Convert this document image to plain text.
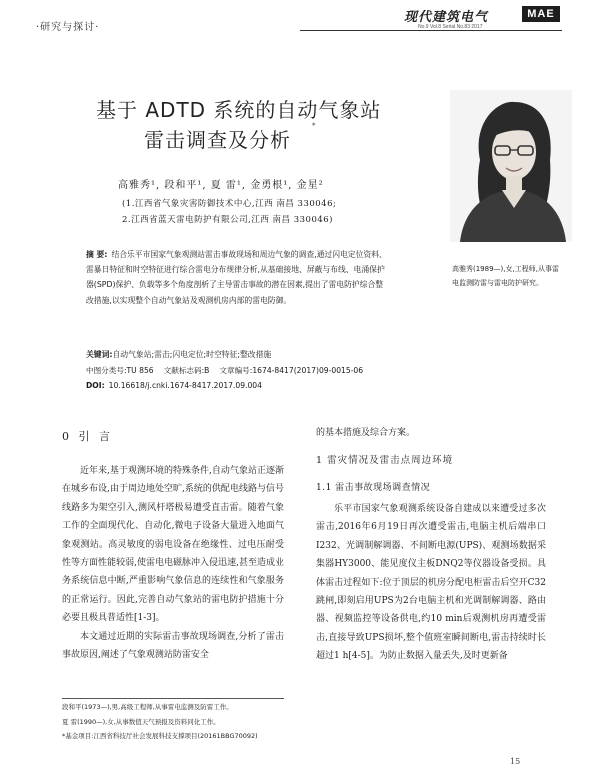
·研究与探讨·
现代建筑电气	MAE
No.9 Vol.8 Serial No.83 2017
基于 ADTD 系统的自动气象站
雷击调查及分析
*
高雅秀¹, 段和平¹, 夏 雷¹, 金勇根¹, 金星²
(1.江西省气象灾害防御技术中心,江西 南昌 330046;
2.江西省蓝天雷电防护有限公司,江西 南昌 330046)
高雅秀(1989—),女,工程师,从事雷电监测防雷与雷电防护研究。
摘 要: 结合乐平市国家气象观测站雷击事故现场和周边气象的调查,通过闪电定位资料、雷暴日特征和时空特征进行综合雷电分布规律分析,从基础接地、屏蔽与布线、电涌保护器(SPD)保护、负载等多个角度剖析了主导雷击事故的潜在因素,提出了雷电防护综合整改措施,以实现整个自动气象站及观测机房内部的雷电防御。
关键词:自动气象站;雷击;闪电定位;时空特征;整改措施
中图分类号:TU 856 文献标志码:B 文章编号:1674-8417(2017)09-0015-06
DOI: 10.16618/j.cnki.1674-8417.2017.09.004
0 引 言

近年来,基于观测环境的特殊条件,自动气象站正逐渐在城乡布设,由于周边地处空旷,系统的供配电线路与信号线路多为架空引入,测风杆塔极易遭受直击雷。随着气象工作的全面现代化、自动化,微电子设备大量进入地面气象观测站。高灵敏度的弱电设备在绝缘性、过电压耐受性等方面性能较弱,使雷电电磁脉冲入侵迅速,甚至造成业务系统信息中断,严重影响气象信息的连续性和气象服务的正常运行。因此,完善自动气象站的雷电防护措施十分必要且极具普适性[1-3]。

本文通过近期的实际雷击事故现场调查,分析了雷击事故原因,阐述了气象观测站防雷安全

的基本措施及综合方案。

1 雷灾情况及雷击点周边环境
1.1 雷击事故现场调查情况

乐平市国家气象观测系统设备自建成以来遭受过多次雷击,2016年6月19日再次遭受雷击,电脑主机后端串口I232、光调制解调器、不间断电源(UPS)、观测场数据采集器HY3000、能见度仪主板DNQ2等仪器设备受损。具体雷击过程如下:位于顶层的机房分配电柜雷击后空开C32跳闸,即刻启用UPS为2台电脑主机和光调制解调器、路由器、视频监控等设备供电,约10 min后观测机房再遭受雷击,直接导致UPS损坏,整个值班室瞬间断电,雷击持续时长超过1 h[4-5]。为防止数据入量丢失,及时更新备

段和平(1973—),男,高级工程师,从事雷电监测及防雷工作。
夏 雷(1990—),女,从事数值天气预报及资料同化工作。
*基金项目:江西省科技厅社会发展科技支撑项目(20161BBG70092)
15
